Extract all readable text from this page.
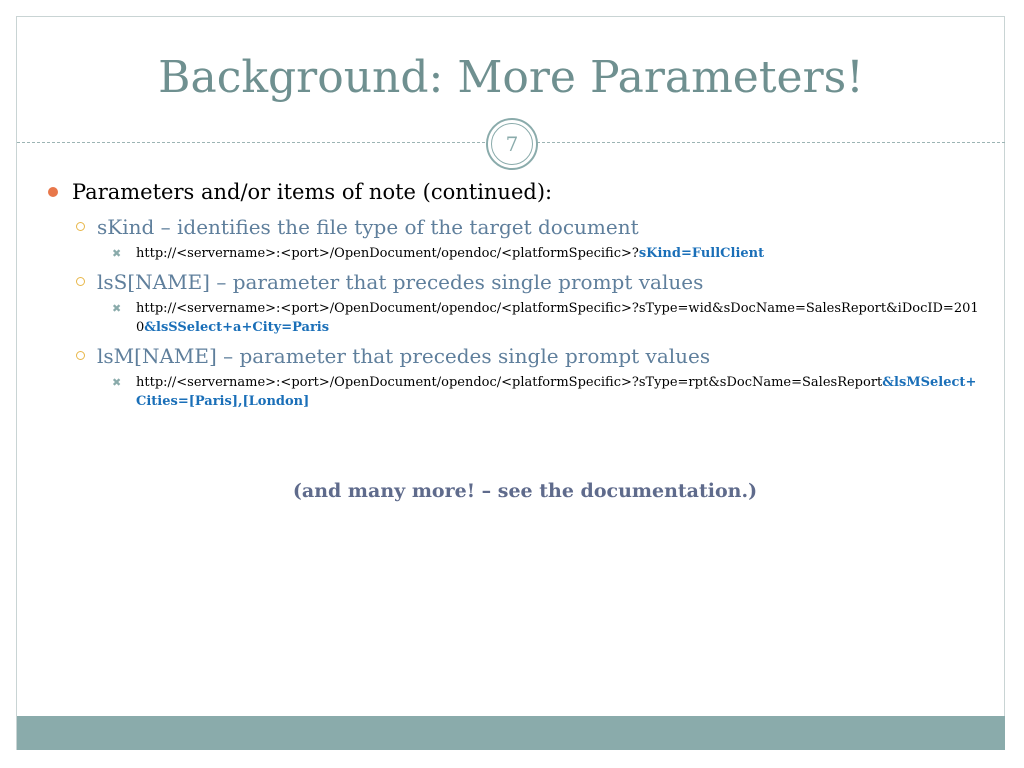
Background: More Parameters!
7
Parameters and/or items of note (continued):
sKind – identifies the file type of the target document
✖	http://<servername>:<port>/OpenDocument/opendoc/<platformSpecific>?sKind=FullClient
lsS[NAME] – parameter that precedes single prompt values
✖	http://<servername>:<port>/OpenDocument/opendoc/<platformSpecific>?sType=wid&sDocName=SalesReport&iDocID=2010&lsSSelect+a+City=Paris
lsM[NAME] – parameter that precedes single prompt values
✖	http://<servername>:<port>/OpenDocument/opendoc/<platformSpecific>?sType=rpt&sDocName=SalesReport&lsMSelect+Cities=[Paris],[London]
(and many more! – see the documentation.)
